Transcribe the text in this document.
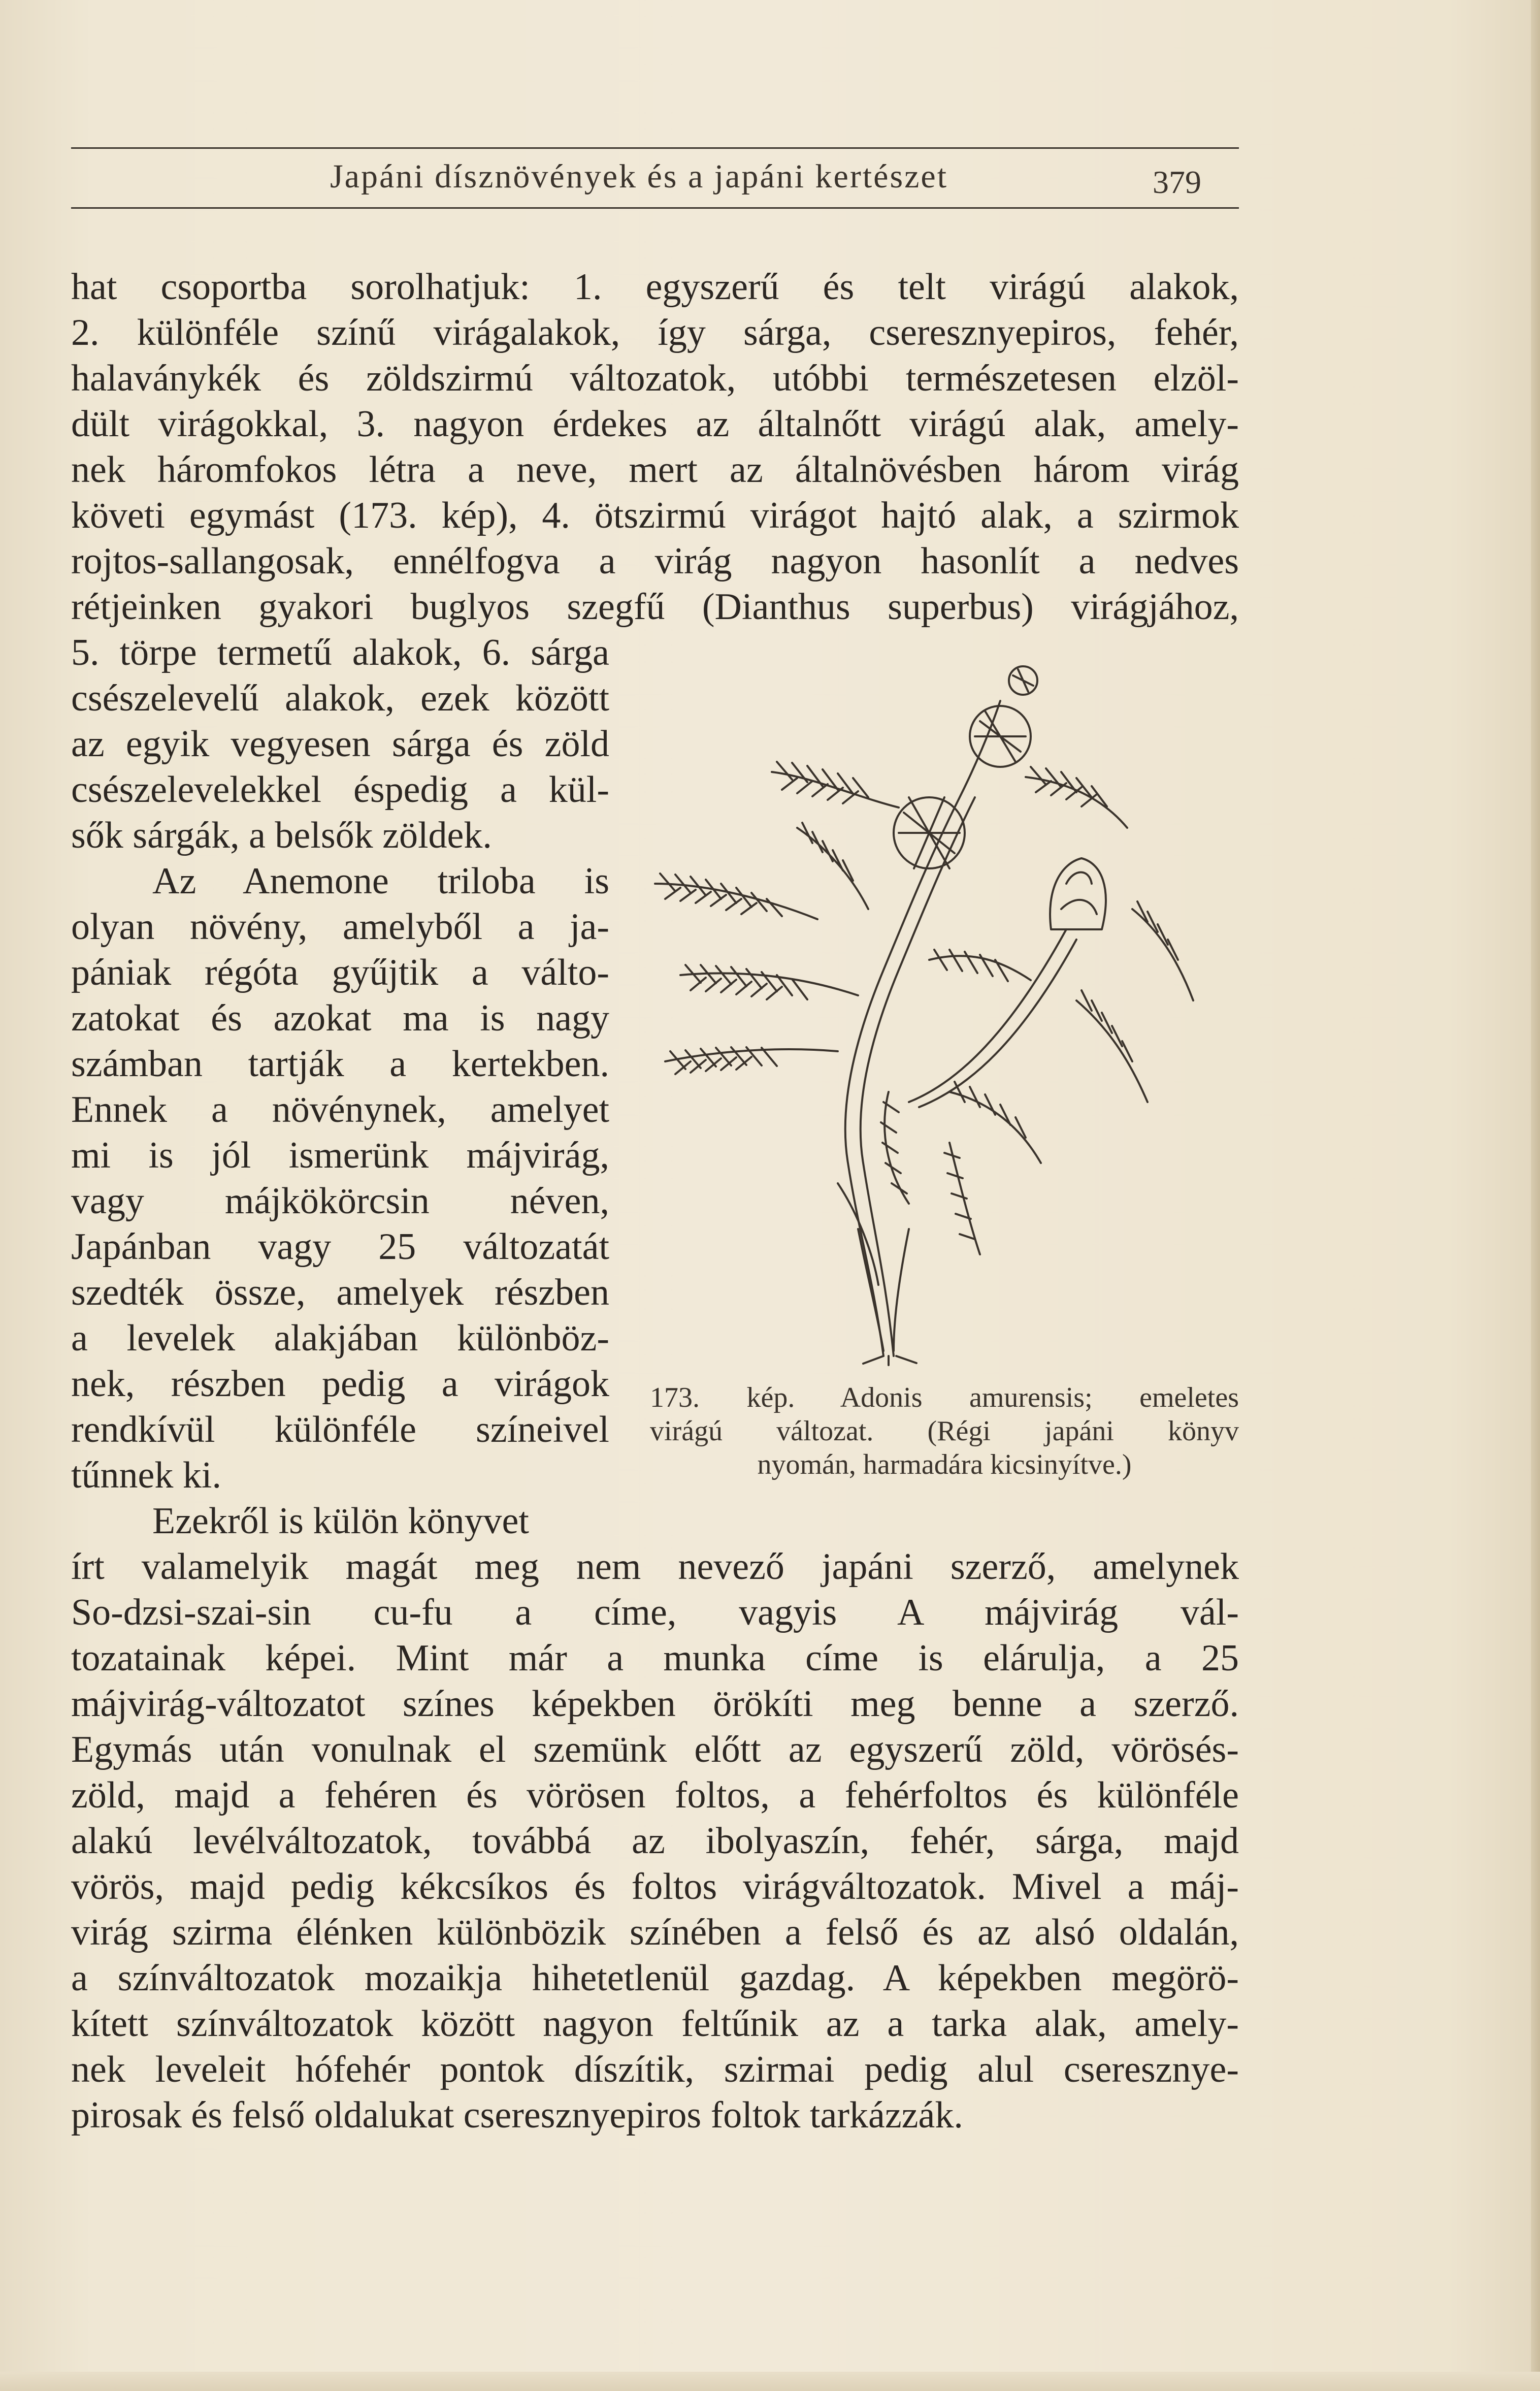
Japáni dísznövények és a japáni kertészet	379
hat csoportba sorolhatjuk: 1. egyszerű és telt virágú alakok,
2. különféle színű virágalakok, így sárga, cseresznyepiros, fehér,
halaványkék és zöldszirmú változatok, utóbbi természetesen elzöl-
dült virágokkal, 3. nagyon érdekes az általnőtt virágú alak, amely-
nek háromfokos létra a neve, mert az általnövésben három virág
követi egymást (173. kép), 4. ötszirmú virágot hajtó alak, a szirmok
rojtos-sallangosak, ennélfogva a virág nagyon hasonlít a nedves
rétjeinken gyakori buglyos szegfű (Dianthus superbus) virágjához,
5. törpe termetű alakok, 6. sárga
csészelevelű alakok, ezek között
az egyik vegyesen sárga és zöld
csészelevelekkel éspedig a kül-
sők sárgák, a belsők zöldek.
Az Anemone triloba is
olyan növény, amelyből a ja-
pániak régóta gyűjtik a válto-
zatokat és azokat ma is nagy
számban tartják a kertekben.
Ennek a növénynek, amelyet
mi is jól ismerünk májvirág,
vagy májkökörcsin néven,
Japánban vagy 25 változatát
szedték össze, amelyek részben
a levelek alakjában különböz-
nek, részben pedig a virágok
rendkívül különféle színeivel
tűnnek ki.
Ezekről is külön könyvet
írt valamelyik magát meg nem nevező japáni szerző, amelynek
So-dzsi-szai-sin cu-fu a címe, vagyis A májvirág vál-
tozatainak képei. Mint már a munka címe is elárulja, a 25
májvirág-változatot színes képekben örökíti meg benne a szerző.
Egymás után vonulnak el szemünk előtt az egyszerű zöld, vörösés-
zöld, majd a fehéren és vörösen foltos, a fehérfoltos és különféle
alakú levélváltozatok, továbbá az ibolyaszín, fehér, sárga, majd
vörös, majd pedig kékcsíkos és foltos virágváltozatok. Mivel a máj-
virág szirma élénken különbözik színében a felső és az alsó oldalán,
a színváltozatok mozaikja hihetetlenül gazdag. A képekben megörö-
kített színváltozatok között nagyon feltűnik az a tarka alak, amely-
nek leveleit hófehér pontok díszítik, szirmai pedig alul cseresznye-
pirosak és felső oldalukat cseresznyepiros foltok tarkázzák.
173. kép. Adonis amurensis; emeletes
virágú változat. (Régi japáni könyv
nyomán, harmadára kicsinyítve.)
